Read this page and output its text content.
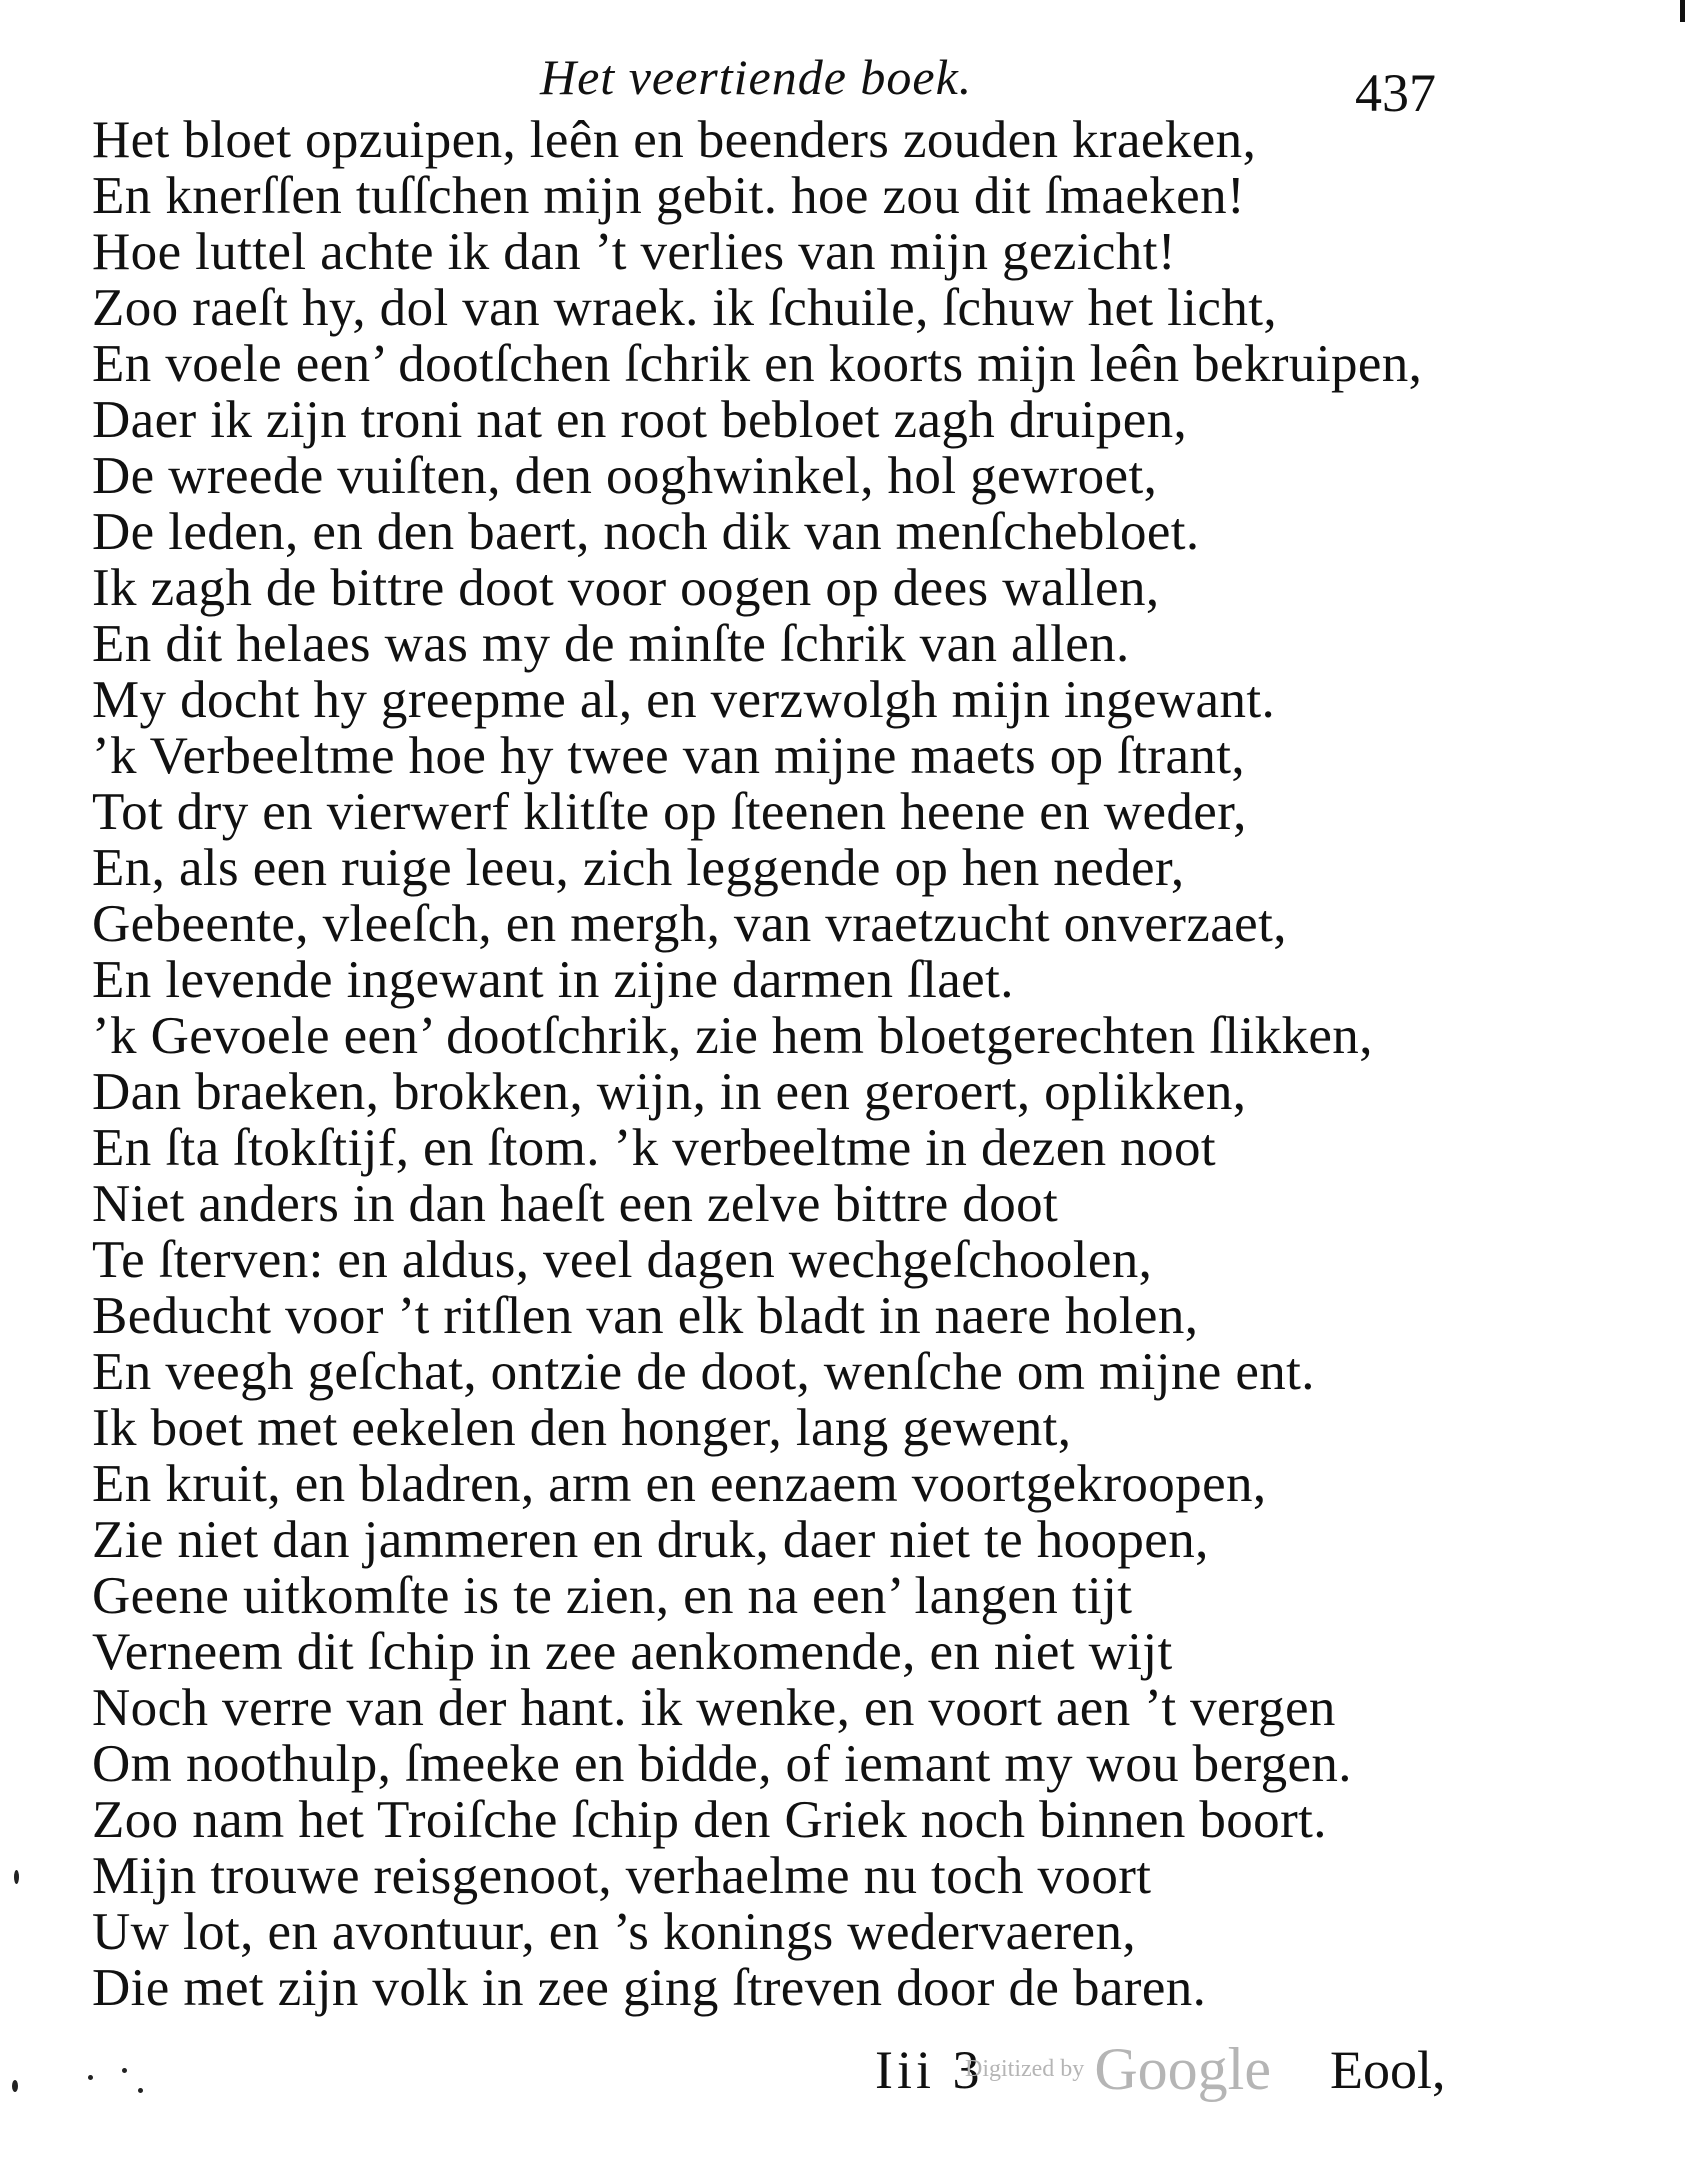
Het veertiende boek.	437
Het bloet opzuipen, leên en beenders zouden kraeken,
En knerſſen tuſſchen mijn gebit. hoe zou dit ſmaeken!
Hoe luttel achte ik dan ’t verlies van mijn gezicht!
Zoo raeſt hy, dol van wraek. ik ſchuile, ſchuw het licht,
En voele een’ dootſchen ſchrik en koorts mijn leên bekruipen,
Daer ik zijn troni nat en root bebloet zagh druipen,
De wreede vuiſten, den ooghwinkel, hol gewroet,
De leden, en den baert, noch dik van menſchebloet.
Ik zagh de bittre doot voor oogen op dees wallen,
En dit helaes was my de minſte ſchrik van allen.
My docht hy greepme al, en verzwolgh mijn ingewant.
’k Verbeeltme hoe hy twee van mijne maets op ſtrant,
Tot dry en vierwerf klitſte op ſteenen heene en weder,
En, als een ruige leeu, zich leggende op hen neder,
Gebeente, vleeſch, en mergh, van vraetzucht onverzaet,
En levende ingewant in zijne darmen ſlaet.
’k Gevoele een’ dootſchrik, zie hem bloetgerechten ſlikken,
Dan braeken, brokken, wijn, in een geroert, oplikken,
En ſta ſtokſtijf, en ſtom. ’k verbeeltme in dezen noot
Niet anders in dan haeſt een zelve bittre doot
Te ſterven: en aldus, veel dagen wechgeſchoolen,
Beducht voor ’t ritſlen van elk bladt in naere holen,
En veegh geſchat, ontzie de doot, wenſche om mijne ent.
Ik boet met eekelen den honger, lang gewent,
En kruit, en bladren, arm en eenzaem voortgekroopen,
Zie niet dan jammeren en druk, daer niet te hoopen,
Geene uitkomſte is te zien, en na een’ langen tijt
Verneem dit ſchip in zee aenkomende, en niet wijt
Noch verre van der hant. ik wenke, en voort aen ’t vergen
Om noothulp, ſmeeke en bidde, of iemant my wou bergen.
Zoo nam het Troiſche ſchip den Griek noch binnen boort.
Mijn trouwe reisgenoot, verhaelme nu toch voort
Uw lot, en avontuur, en ’s konings wedervaeren,
Die met zijn volk in zee ging ſtreven door de baren.
Iii 3
Digitized by Google Eool,
